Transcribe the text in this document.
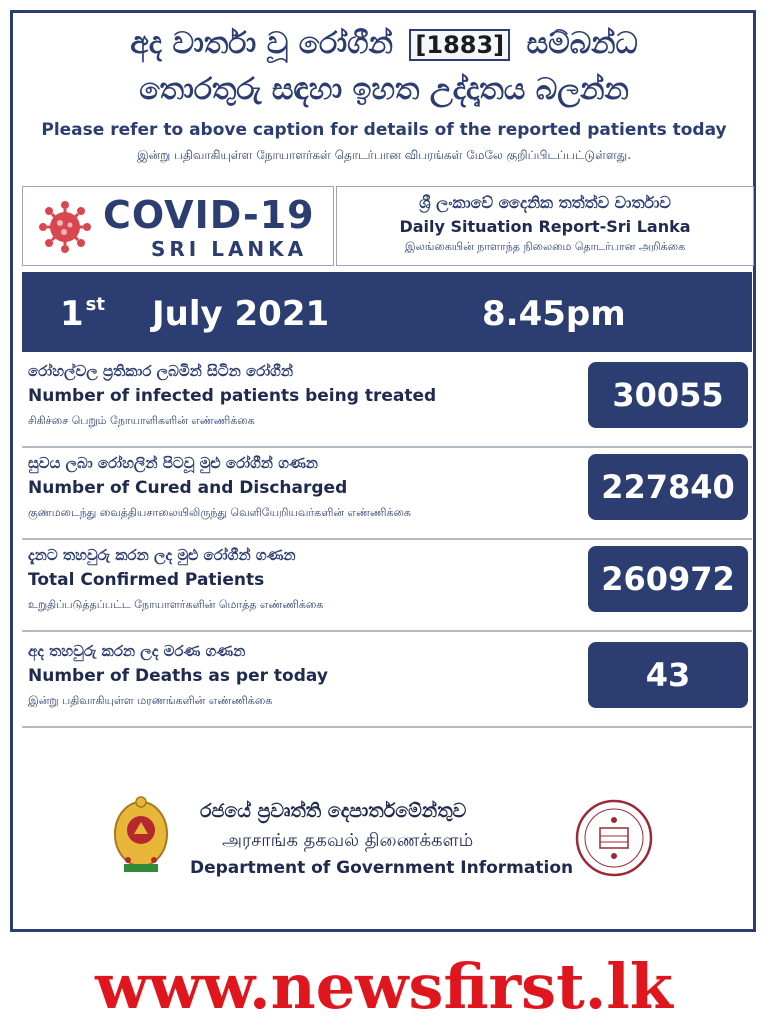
අද වාර්තා වූ රෝගීන් [1883] සම්බන්ධ
තොරතුරු සඳහා ඉහත උද්දෘතය බලන්න
Please refer to above caption for details of the reported patients today
இன்று பதிவாகியுள்ள நோயாளர்கள் தொடர்பான விபரங்கள் மேலே குறிப்பிடப்பட்டுள்ளது.
COVID-19
SRI LANKA
ශ්‍රී ලංකාවේ දෛනික තත්ත්ව වාර්තාව
Daily Situation Report-Sri Lanka
இலங்கையின் நாளாந்த நிலைமை தொடர்பான அறிக்கை
1 $^{st}$ July 2021	8.45pm
රෝහල්වල ප්‍රතිකාර ලබමින් සිටින රෝගීන්
Number of infected patients being treated
சிகிச்சை பெறும் நோயாளிகளின் எண்ணிக்கை
30055
සුවය ලබා රෝහලින් පිටවූ මුළු රෝගීන් ගණන
Number of Cured and Discharged
குணமடைந்து வைத்தியசாலையிலிருந்து வெளியேறியவர்களின் எண்ணிக்கை
227840
දැනට තහවුරු කරන ලද මුළු රෝගීන් ගණන
Total Confirmed Patients
உறுதிப்படுத்தப்பட்ட நோயாளர்களின் மொத்த எண்ணிக்கை
260972
අද තහවුරු කරන ලද මරණ ගණන
Number of Deaths as per today
இன்று பதிவாகியுள்ள மரணங்களின் எண்ணிக்கை
43
රජයේ ප්‍රවෘත්ති දෙපාර්තමේන්තුව
அரசாங்க தகவல் திணைக்களம்
Department of Government Information
www.newsfirst.lk
